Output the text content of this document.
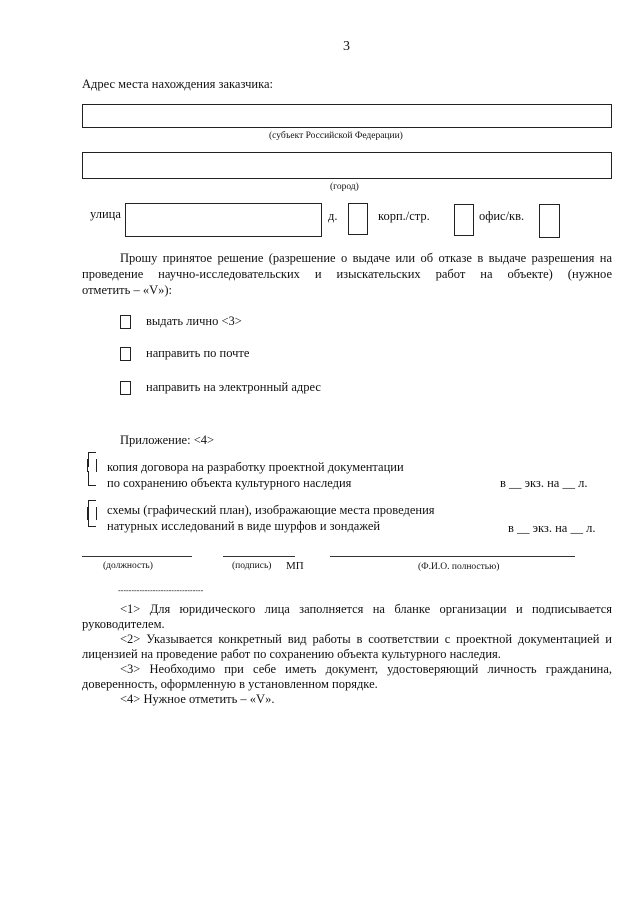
3
Адрес места нахождения заказчика:
(субъект Российской Федерации)
(город)
улица	д.	корп./стр.	офис/кв.
Прошу принятое решение (разрешение о выдаче или об отказе в выдаче разрешения на
проведение научно-исследовательских и изыскательских работ на объекте) (нужное
отметить – «V»):
выдать лично <3>
направить по почте
направить на электронный адрес
Приложение: <4>
копия договора на разработку проектной документации
по сохранению объекта культурного наследия	в __ экз. на __ л.
схемы (графический план), изображающие места проведения
натурных исследований в виде шурфов и зондажей	в __ экз. на __ л.
(должность)	(подпись) МП	(Ф.И.О. полностью)
--------------------------------
<1> Для юридического лица заполняется на бланке организации и подписывается
руководителем.
<2> Указывается конкретный вид работы в соответствии с проектной документацией и
лицензией на проведение работ по сохранению объекта культурного наследия.
<3> Необходимо при себе иметь документ, удостоверяющий личность гражданина,
доверенность, оформленную в установленном порядке.
<4> Нужное отметить – «V».
